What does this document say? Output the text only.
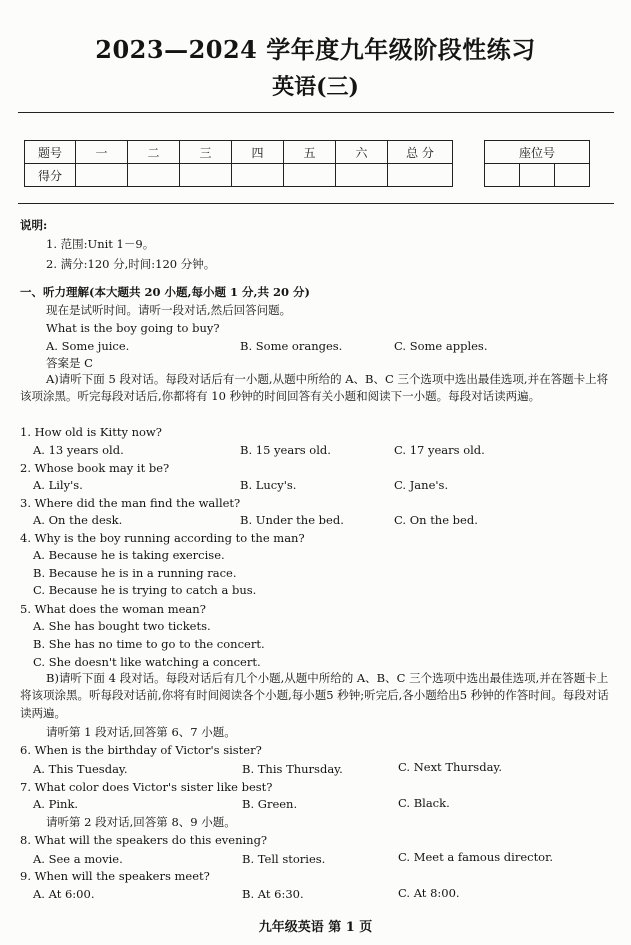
2023—2024 学年度九年级阶段性练习
英语(三)
题号	一	二	三	四	五	六	总 分
得分							
座位号

说明:
1. 范围:Unit 1－9。
2. 满分:120 分,时间:120 分钟。
一、听力理解(本大题共 20 小题,每小题 1 分,共 20 分)
现在是试听时间。请听一段对话,然后回答问题。
What is the boy going to buy?
A. Some juice.	B. Some oranges.	C. Some apples.
答案是 C
A)请听下面 5 段对话。每段对话后有一小题,从题中所给的 A、B、C 三个选项中选出最佳选项,并在答题卡上将该项涂黑。听完每段对话后,你都将有 10 秒钟的时间回答有关小题和阅读下一小题。每段对话读两遍。
1. How old is Kitty now?
A. 13 years old.	B. 15 years old.	C. 17 years old.
2. Whose book may it be?
A. Lily's.	B. Lucy's.	C. Jane's.
3. Where did the man find the wallet?
A. On the desk.	B. Under the bed.	C. On the bed.
4. Why is the boy running according to the man?
A. Because he is taking exercise.
B. Because he is in a running race.
C. Because he is trying to catch a bus.
5. What does the woman mean?
A. She has bought two tickets.
B. She has no time to go to the concert.
C. She doesn't like watching a concert.
B)请听下面 4 段对话。每段对话后有几个小题,从题中所给的 A、B、C 三个选项中选出最佳选项,并在答题卡上将该项涂黑。听每段对话前,你将有时间阅读各个小题,每小题5 秒钟;听完后,各小题给出5 秒钟的作答时间。每段对话读两遍。
请听第 1 段对话,回答第 6、7 小题。
6. When is the birthday of Victor's sister?
A. This Tuesday.	B. This Thursday.	C. Next Thursday.
7. What color does Victor's sister like best?
A. Pink.	B. Green.	C. Black.
请听第 2 段对话,回答第 8、9 小题。
8. What will the speakers do this evening?
A. See a movie.	B. Tell stories.	C. Meet a famous director.
9. When will the speakers meet?
A. At 6:00.	B. At 6:30.	C. At 8:00.
九年级英语 第 1 页
